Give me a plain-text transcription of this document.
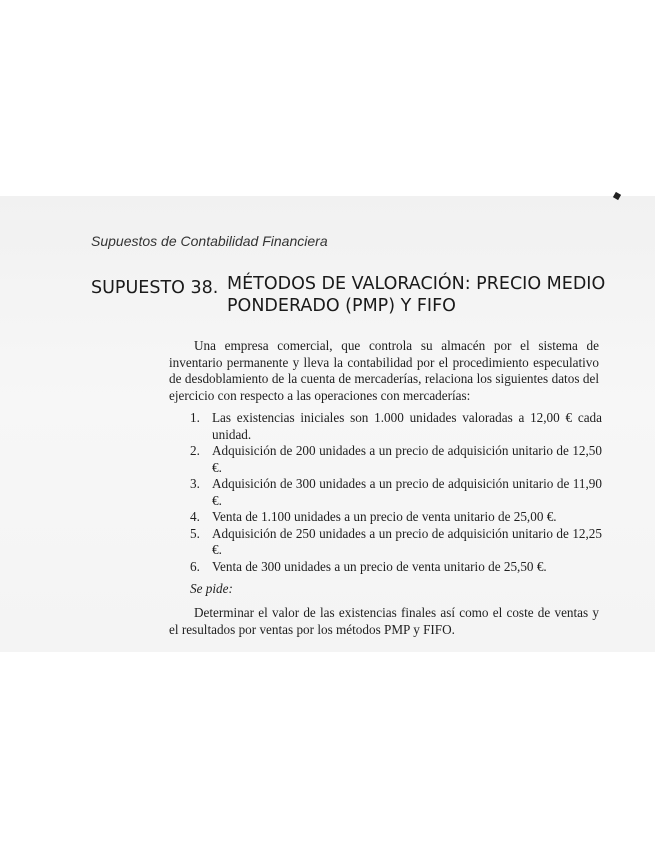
Supuestos de Contabilidad Financiera
SUPUESTO 38. MÉTODOS DE VALORACIÓN: PRECIO MEDIO PONDERADO (PMP) Y FIFO

Una empresa comercial, que controla su almacén por el sistema de inventario permanente y lleva la contabilidad por el procedimiento especulativo de desdoblamiento de la cuenta de mercaderías, relaciona los siguientes datos del ejercicio con respecto a las operaciones con mercaderías:

1. Las existencias iniciales son 1.000 unidades valoradas a 12,00 € cada unidad.
2. Adquisición de 200 unidades a un precio de adquisición unitario de 12,50 €.
3. Adquisición de 300 unidades a un precio de adquisición unitario de 11,90 €.
4. Venta de 1.100 unidades a un precio de venta unitario de 25,00 €.
5. Adquisición de 250 unidades a un precio de adquisición unitario de 12,25 €.
6. Venta de 300 unidades a un precio de venta unitario de 25,50 €.
Se pide:

Determinar el valor de las existencias finales así como el coste de ventas y el resultados por ventas por los métodos PMP y FIFO.
